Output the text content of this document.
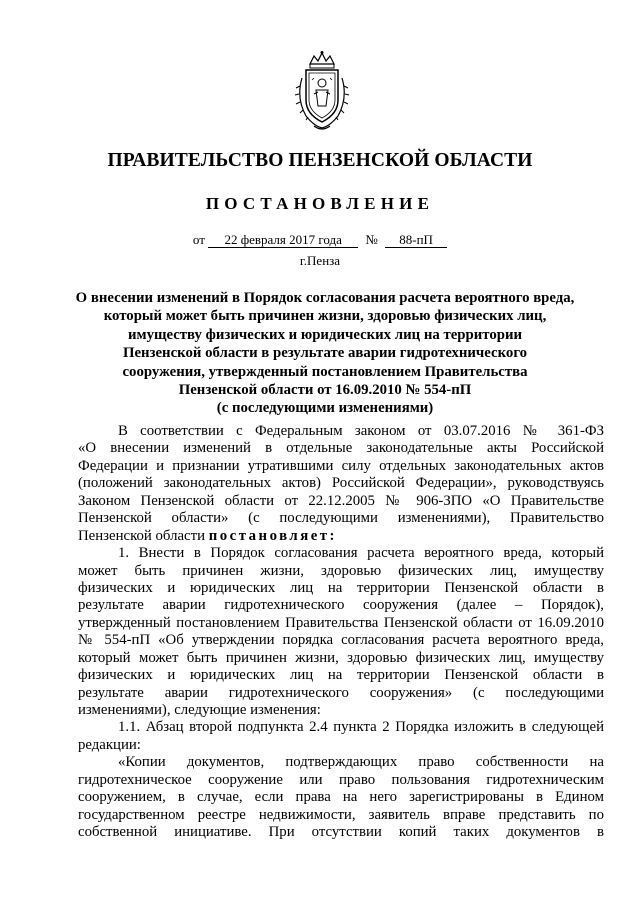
ПРАВИТЕЛЬСТВО ПЕНЗЕНСКОЙ ОБЛАСТИ
ПОСТАНОВЛЕНИЕ
от 22 февраля 2017 года № 88-пП
г.Пенза
О внесении изменений в Порядок согласования расчета вероятного вреда,
который может быть причинен жизни, здоровью физических лиц,
имуществу физических и юридических лиц на территории
Пензенской области в результате аварии гидротехнического
сооружения, утвержденный постановлением Правительства
Пензенской области от 16.09.2010 № 554-пП
(с последующими изменениями)
В соответствии с Федеральным законом от 03.07.2016 № 361-ФЗ
«О внесении изменений в отдельные законодательные акты Российской
Федерации и признании утратившими силу отдельных законодательных актов
(положений законодательных актов) Российской Федерации», руководствуясь
Законом Пензенской области от 22.12.2005 № 906-ЗПО «О Правительстве
Пензенской области» (с последующими изменениями), Правительство
Пензенской области постановляет:
1. Внести в Порядок согласования расчета вероятного вреда, который
может быть причинен жизни, здоровью физических лиц, имуществу
физических и юридических лиц на территории Пензенской области в
результате аварии гидротехнического сооружения (далее – Порядок),
утвержденный постановлением Правительства Пензенской области от 16.09.2010
№ 554-пП «Об утверждении порядка согласования расчета вероятного вреда,
который может быть причинен жизни, здоровью физических лиц, имуществу
физических и юридических лиц на территории Пензенской области в
результате аварии гидротехнического сооружения» (с последующими
изменениями), следующие изменения:
1.1. Абзац второй подпункта 2.4 пункта 2 Порядка изложить в следующей
редакции:
«Копии документов, подтверждающих право собственности на
гидротехническое сооружение или право пользования гидротехническим
сооружением, в случае, если права на него зарегистрированы в Едином
государственном реестре недвижимости, заявитель вправе представить по
собственной инициативе. При отсутствии копий таких документов в
